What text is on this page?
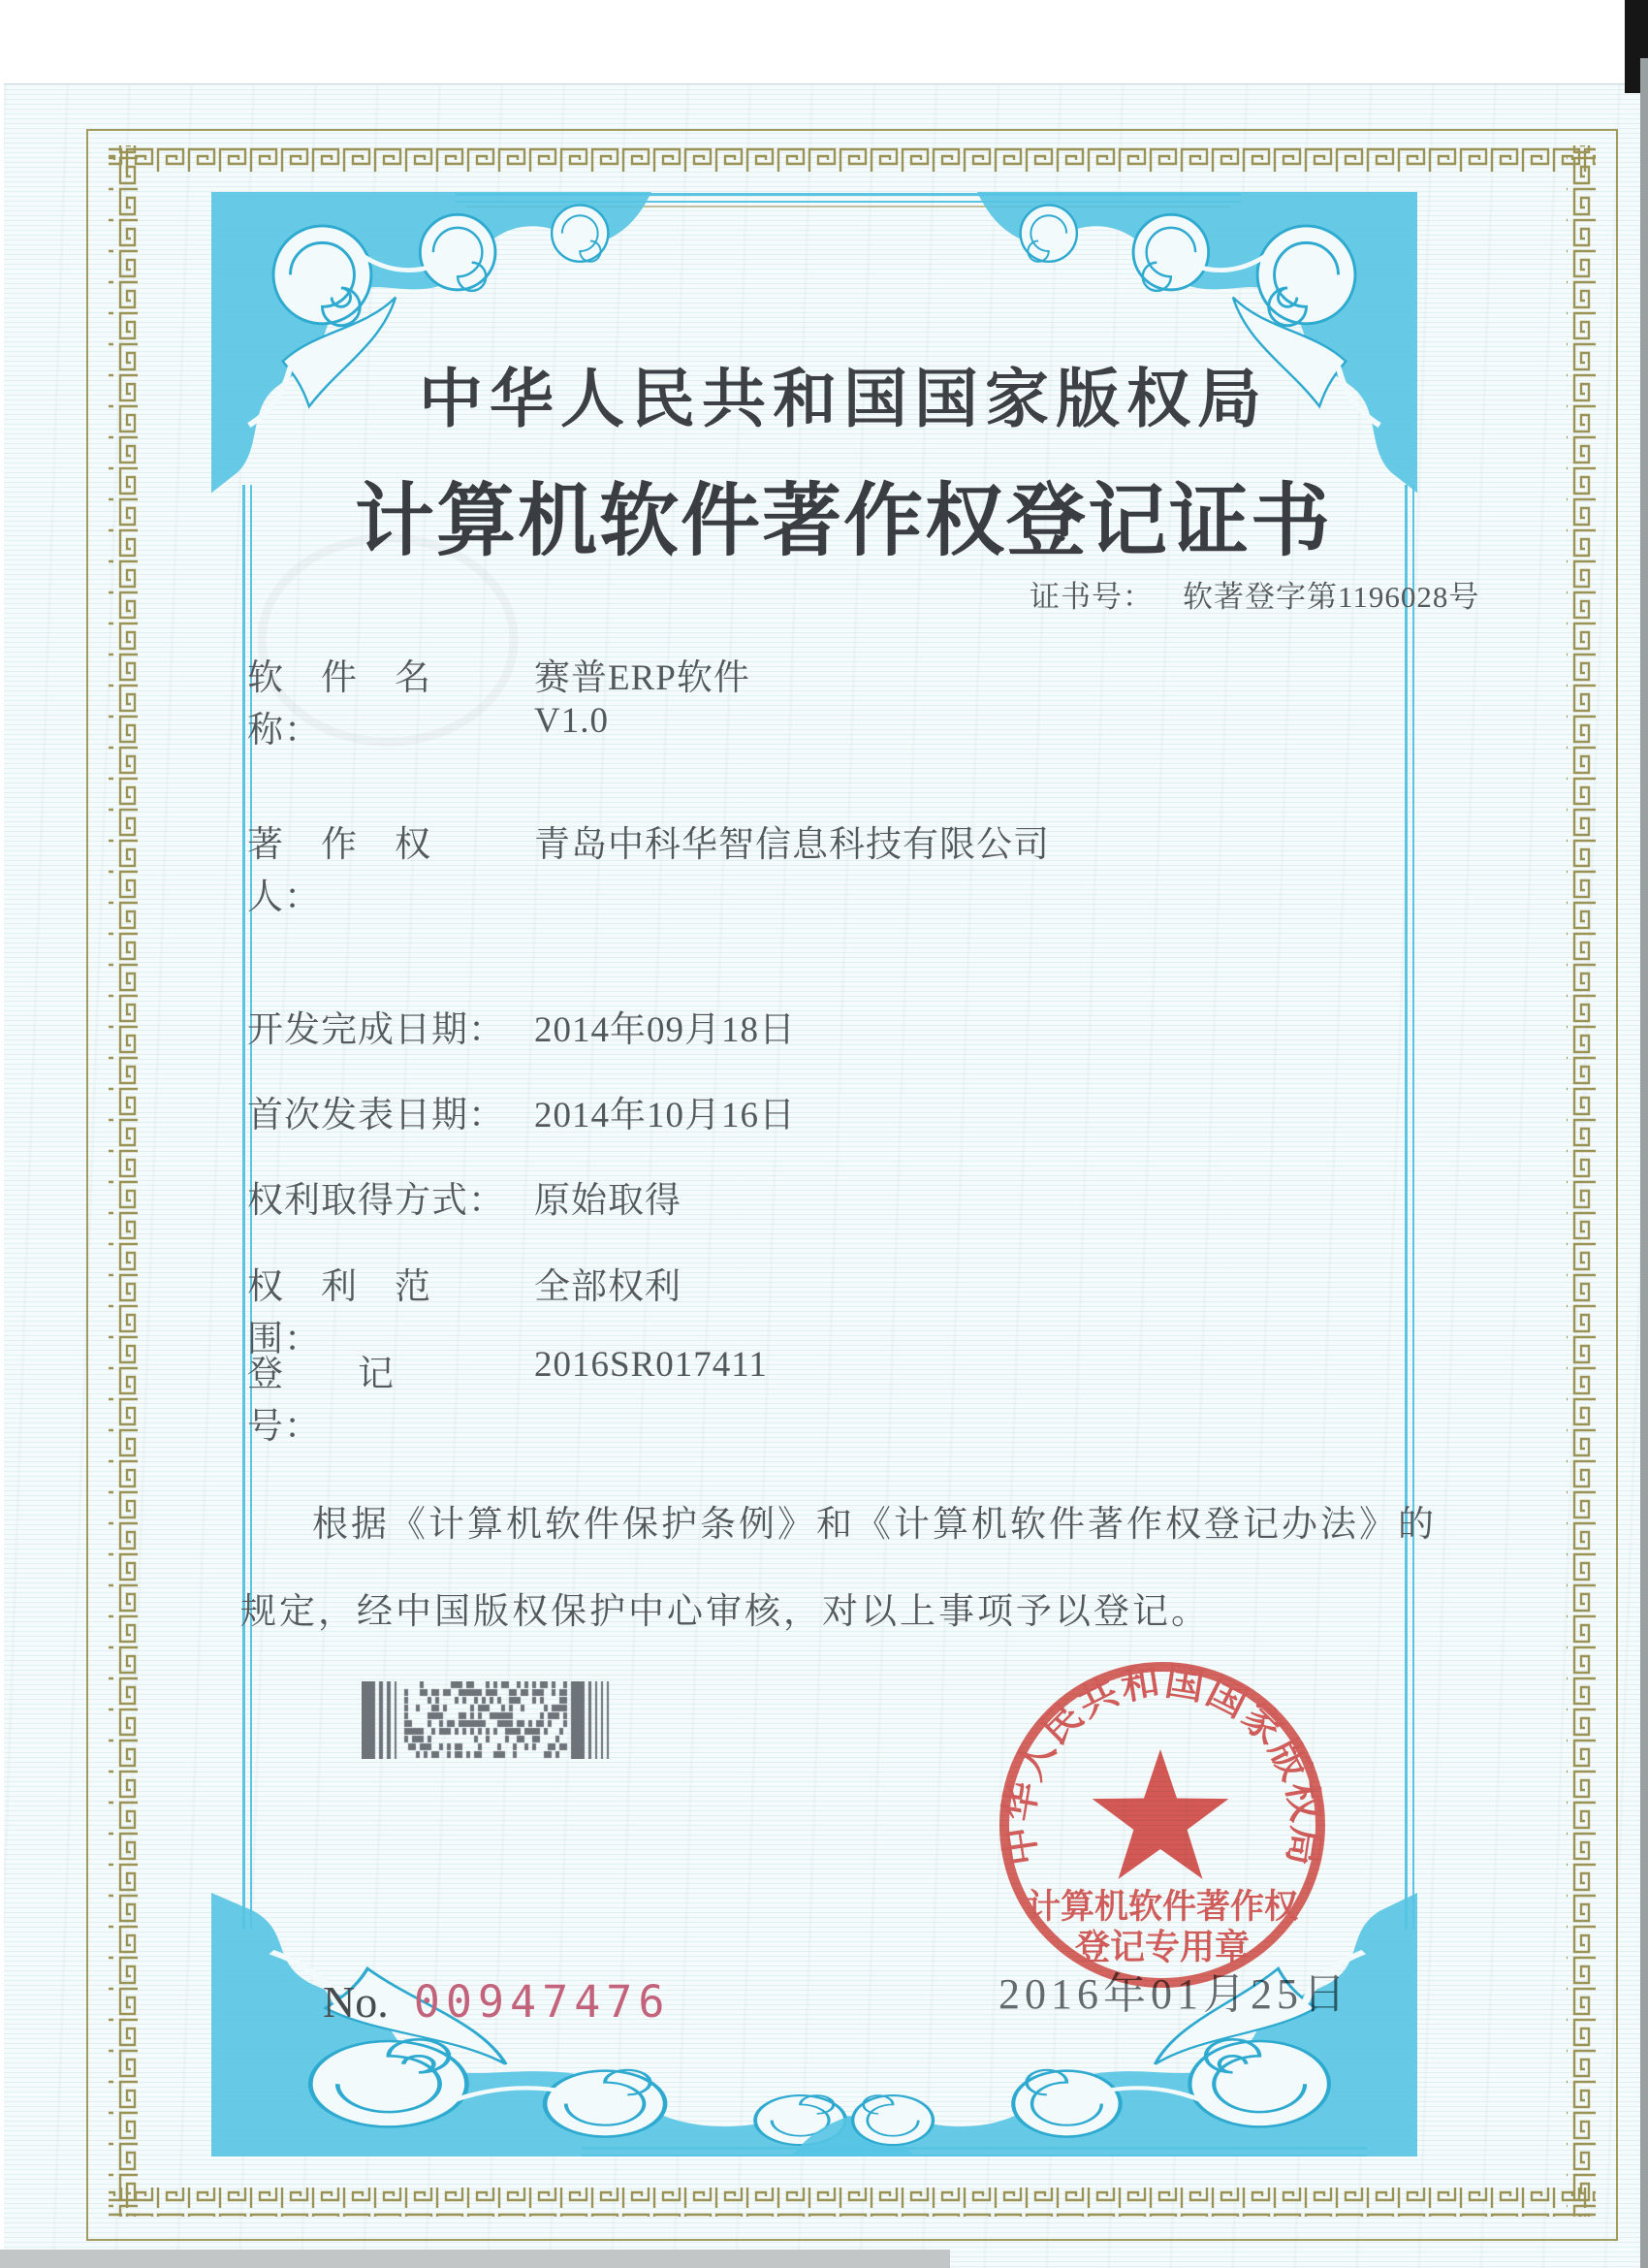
中华人民共和国国家版权局
计算机软件著作权登记证书
证书号： 软著登字第1196028号
软　件　名　称：
赛普ERP软件
V1.0
著　作　权　人：
青岛中科华智信息科技有限公司
开发完成日期： 2014年09月18日
首次发表日期： 2014年10月16日
权利取得方式： 原始取得
权　利　范　围：
全部权利
登　　记　　号：
2016SR017411
根据《计算机软件保护条例》和《计算机软件著作权登记办法》的
规定，经中国版权保护中心审核，对以上事项予以登记。
中华人民共和国国家版权局
计算机软件著作权
登记专用章
2016年01月25日
No. 00947476
